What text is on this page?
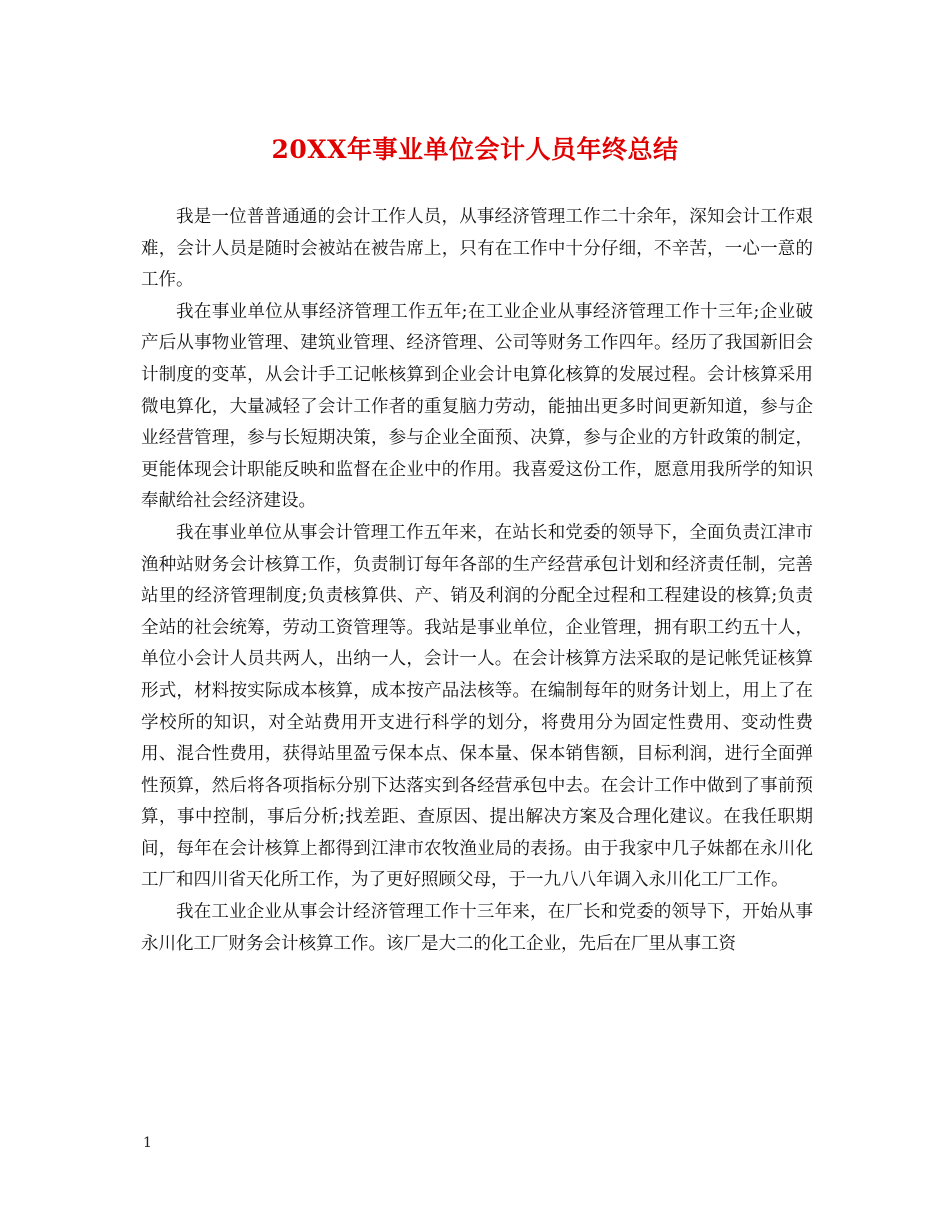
20XX年事业单位会计人员年终总结

我是一位普普通通的会计工作人员，从事经济管理工作二十余年，深知会计工作艰难，会计人员是随时会被站在被告席上，只有在工作中十分仔细，不辛苦，一心一意的工作。

我在事业单位从事经济管理工作五年;在工业企业从事经济管理工作十三年;企业破产后从事物业管理、建筑业管理、经济管理、公司等财务工作四年。经历了我国新旧会计制度的变革，从会计手工记帐核算到企业会计电算化核算的发展过程。会计核算采用微电算化，大量减轻了会计工作者的重复脑力劳动，能抽出更多时间更新知道，参与企业经营管理，参与长短期决策，参与企业全面预、决算，参与企业的方针政策的制定，更能体现会计职能反映和监督在企业中的作用。我喜爱这份工作，愿意用我所学的知识奉献给社会经济建设。

我在事业单位从事会计管理工作五年来，在站长和党委的领导下，全面负责江津市渔种站财务会计核算工作，负责制订每年各部的生产经营承包计划和经济责任制，完善站里的经济管理制度;负责核算供、产、销及利润的分配全过程和工程建设的核算;负责全站的社会统筹，劳动工资管理等。我站是事业单位，企业管理，拥有职工约五十人，单位小会计人员共两人，出纳一人，会计一人。在会计核算方法采取的是记帐凭证核算形式，材料按实际成本核算，成本按产品法核等。在编制每年的财务计划上，用上了在学校所的知识，对全站费用开支进行科学的划分，将费用分为固定性费用、变动性费用、混合性费用，获得站里盈亏保本点、保本量、保本销售额，目标利润，进行全面弹性预算，然后将各项指标分别下达落实到各经营承包中去。在会计工作中做到了事前预算，事中控制，事后分析;找差距、查原因、提出解决方案及合理化建议。在我任职期间，每年在会计核算上都得到江津市农牧渔业局的表扬。由于我家中几子妹都在永川化工厂和四川省天化所工作，为了更好照顾父母，于一九八八年调入永川化工厂工作。

我在工业企业从事会计经济管理工作十三年来，在厂长和党委的领导下，开始从事永川化工厂财务会计核算工作。该厂是大二的化工企业，先后在厂里从事工资

1
